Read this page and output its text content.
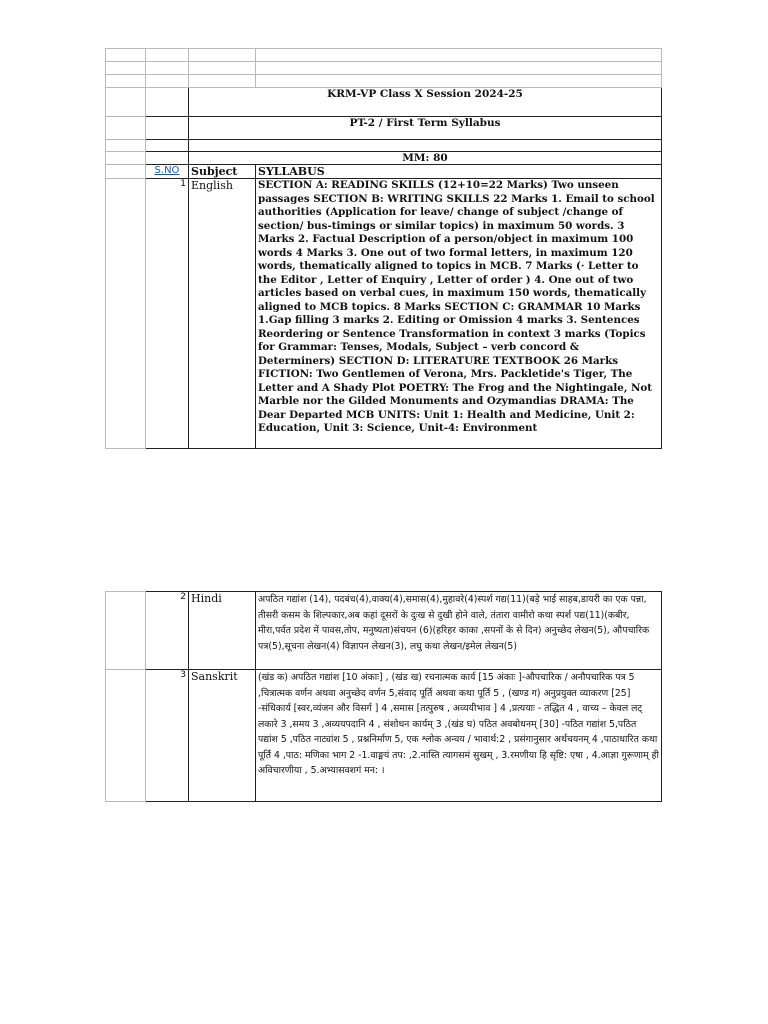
		KRM-VP Class X Session 2024-25	
		PT-2 / First Term Syllabus	

		MM: 80	
	S.NO	Subject	SYLLABUS
	1	English	SECTION A: READING SKILLS (12+10=22 Marks) Two unseen passages SECTION B: WRITING SKILLS 22 Marks 1. Email to school authorities (Application for leave/ change of subject /change of section/ bus-timings or similar topics) in maximum 50 words. 3 Marks 2. Factual Description of a person/object in maximum 100 words 4 Marks 3. One out of two formal letters, in maximum 120 words, thematically aligned to topics in MCB. 7 Marks (· Letter to the Editor , Letter of Enquiry , Letter of order ) 4. One out of two articles based on verbal cues, in maximum 150 words, thematically aligned to MCB topics. 8 Marks SECTION C: GRAMMAR 10 Marks 1.Gap filling 3 marks 2. Editing or Omission 4 marks 3. Sentences Reordering or Sentence Transformation in context 3 marks (Topics for Grammar: Tenses, Modals, Subject – verb concord & Determiners) SECTION D: LITERATURE TEXTBOOK 26 Marks FICTION: Two Gentlemen of Verona, Mrs. Packletide's Tiger, The Letter and A Shady Plot POETRY: The Frog and the Nightingale, Not Marble nor the Gilded Monuments and Ozymandias DRAMA: The Dear Departed MCB UNITS: Unit 1: Health and Medicine, Unit 2: Education, Unit 3: Science, Unit-4: Environment
	2	Hindi	अपठित गद्यांश (14), पदबंध(4),वाक्य(4),समास(4),मुहावरे(4)स्पर्श गद्य(11)(बड़े भाई साहब,डायरी का एक पन्ना, तीसरी कसम के शिल्पकार,अब कहां दूसरों के दुःख से दुखी होने वाले, तंतारा वामीरो कथा स्पर्श पद्य(11)(कबीर, मीरा,पर्वत प्रदेश में पावस,तोप, मनुष्यता)संचयन (6)(हरिहर काका ,सपनों के से दिन) अनुच्छेद लेखन(5), औपचारिक पत्र(5),सूचना लेखन(4) विज्ञापन लेखन(3), लघु कथा लेखन/इमेल लेखन(5)
	3	Sanskrit	(खंड क) अपठित गद्यांश [10 अंकाः] , (खंड ख) रचनात्मक कार्य [15 अंकाः ]-औपचारिक / अनौपचारिक पत्र 5 ,चित्रात्मक वर्णन अथवा अनुच्छेद वर्णन 5,संवाद पूर्ति अथवा कथा पूर्ति 5 , (खण्ड ग) अनुप्रयुक्त व्याकरण [25] -संधिकार्य [स्वर,व्यंजन और विसर्ग ] 4 ,समास [तत्पुरुष , अव्ययीभाव ] 4 ,प्रत्ययाः - तद्धित 4 , वाच्य – केवल लट् लकारे 3 ,समय 3 ,अव्ययपदानि 4 , संशोधन कार्यम् 3 ,(खंड घ) पठित अवबोधनम् [30] -पठित गद्यांश 5,पठित पद्यांश 5 ,पठित नाट्यांश 5 , प्रश्ननिर्माण 5, एक श्लोक अन्वय / भावार्थ:2 , प्रसंगानुसार अर्थचयनम् 4 ,पाठाधारित कथा पूर्ति 4 ,पाठ: मणिका भाग 2 -1.वाङ्मयं तप: ,2.नास्ति त्यागसमं सुखम् , 3.रमणीया हि सृष्टि: एषा , 4.आज्ञा गुरूणाम् ही अविचारणीया , 5.अभ्यासवशगं मन: ।
